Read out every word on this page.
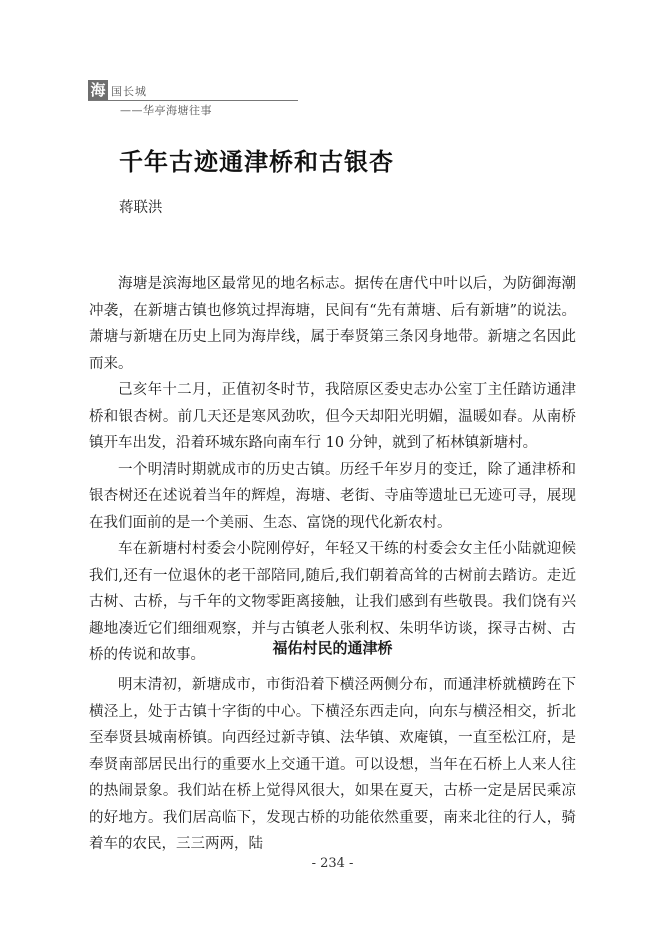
海 国长城
——华亭海塘往事
千年古迹通津桥和古银杏

蒋联洪

海塘是滨海地区最常见的地名标志。据传在唐代中叶以后，为防御海潮冲袭，在新塘古镇也修筑过捍海塘，民间有“先有萧塘、后有新塘”的说法。萧塘与新塘在历史上同为海岸线，属于奉贤第三条冈身地带。新塘之名因此而来。

己亥年十二月，正值初冬时节，我陪原区委史志办公室丁主任踏访通津桥和银杏树。前几天还是寒风劲吹，但今天却阳光明媚，温暖如春。从南桥镇开车出发，沿着环城东路向南车行 10 分钟，就到了柘林镇新塘村。

一个明清时期就成市的历史古镇。历经千年岁月的变迁，除了通津桥和银杏树还在述说着当年的辉煌，海塘、老街、寺庙等遗址已无迹可寻，展现在我们面前的是一个美丽、生态、富饶的现代化新农村。

车在新塘村村委会小院刚停好，年轻又干练的村委会女主任小陆就迎候我们,还有一位退休的老干部陪同,随后,我们朝着高耸的古树前去踏访。走近古树、古桥，与千年的文物零距离接触，让我们感到有些敬畏。我们饶有兴趣地凑近它们细细观察，并与古镇老人张利权、朱明华访谈，探寻古树、古桥的传说和故事。	福佑村民的通津桥

明末清初，新塘成市，市街沿着下横泾两侧分布，而通津桥就横跨在下横泾上，处于古镇十字街的中心。下横泾东西走向，向东与横泾相交，折北至奉贤县城南桥镇。向西经过新寺镇、法华镇、欢庵镇，一直至松江府，是奉贤南部居民出行的重要水上交通干道。可以设想，当年在石桥上人来人往的热闹景象。我们站在桥上觉得风很大，如果在夏天，古桥一定是居民乘凉的好地方。我们居高临下，发现古桥的功能依然重要，南来北往的行人，骑着车的农民，三三两两，陆

- 234 -
